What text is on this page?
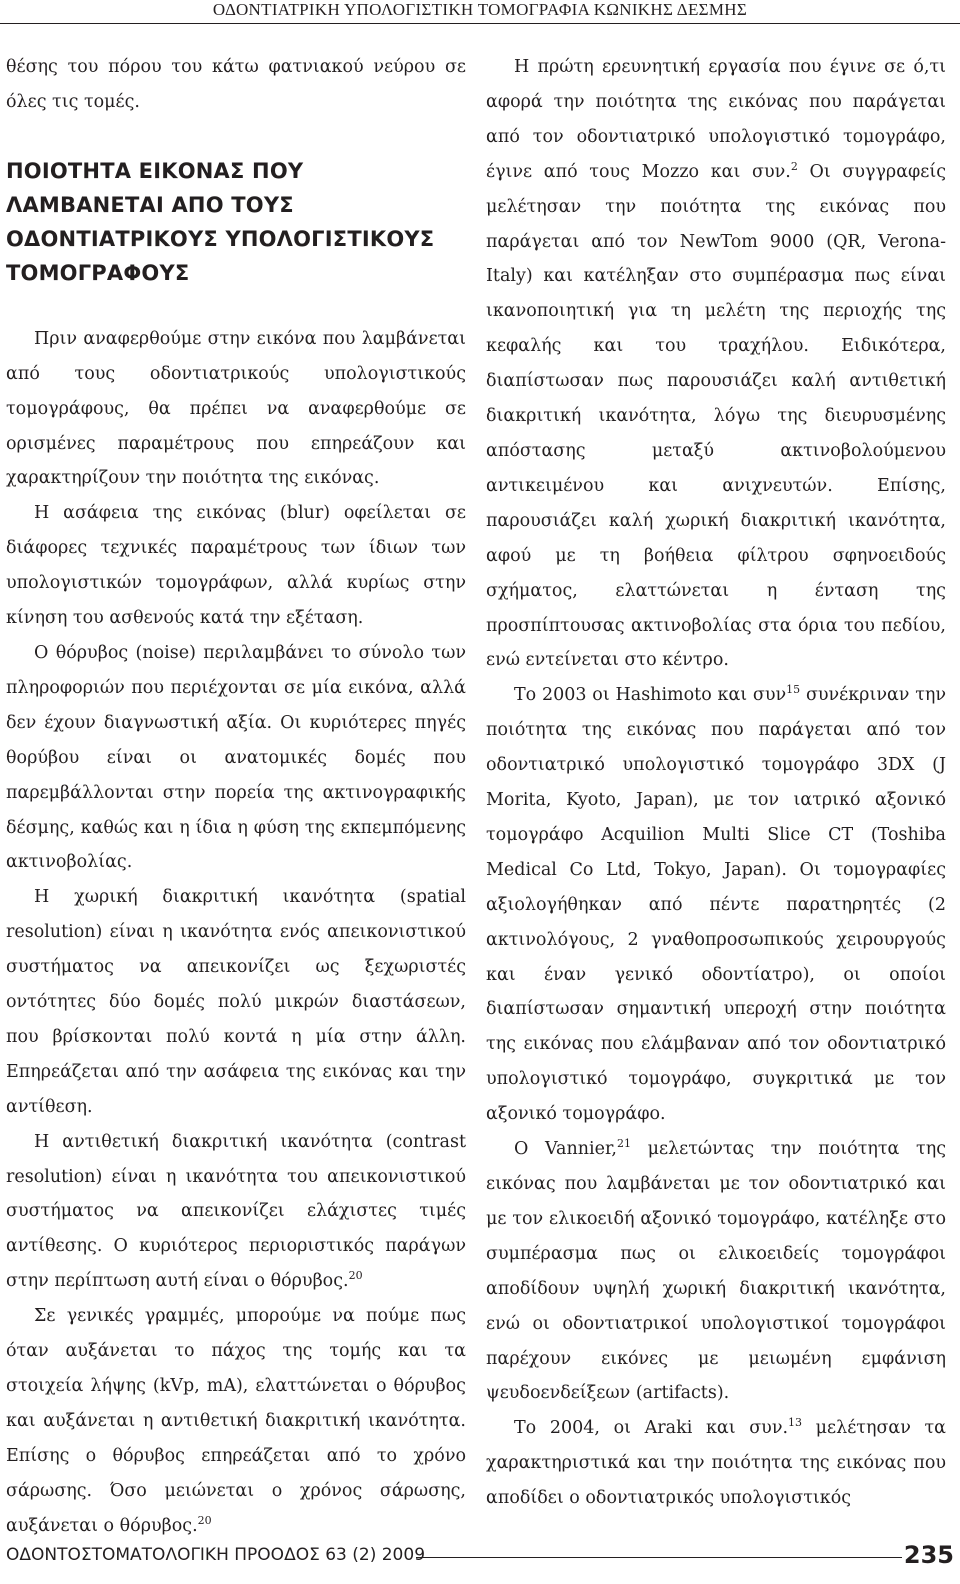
ΟΔΟΝΤΙΑΤΡΙΚΗ ΥΠΟΛΟΓΙΣΤΙΚΗ ΤΟΜΟΓΡΑΦΙΑ ΚΩΝΙΚΗΣ ΔΕΣΜΗΣ

θέσης του πόρου του κάτω φατνιακού νεύρου σε όλες τις τομές.

ΠΟΙΟΤΗΤΑ ΕΙΚΟΝΑΣ ΠΟΥ ΛΑΜΒΑΝΕΤΑΙ ΑΠΟ ΤΟΥΣ ΟΔΟΝΤΙΑΤΡΙΚΟΥΣ ΥΠΟΛΟΓΙΣΤΙΚΟΥΣ ΤΟΜΟΓΡΑΦΟΥΣ

Πριν αναφερθούμε στην εικόνα που λαμβάνεται από τους οδοντιατρικούς υπολογιστικούς τομογράφους, θα πρέπει να αναφερθούμε σε ορισμένες παραμέτρους που επηρεάζουν και χαρακτηρίζουν την ποιότητα της εικόνας.

Η ασάφεια της εικόνας (blur) οφείλεται σε διάφορες τεχνικές παραμέτρους των ίδιων των υπολογιστικών τομογράφων, αλλά κυρίως στην κίνηση του ασθενούς κατά την εξέταση.

Ο θόρυβος (noise) περιλαμβάνει το σύνολο των πληροφοριών που περιέχονται σε μία εικόνα, αλλά δεν έχουν διαγνωστική αξία. Οι κυριότερες πηγές θορύβου είναι οι ανατομικές δομές που παρεμβάλλονται στην πορεία της ακτινογραφικής δέσμης, καθώς και η ίδια η φύση της εκπεμπόμενης ακτινοβολίας.

Η χωρική διακριτική ικανότητα (spatial resolution) είναι η ικανότητα ενός απεικονιστικού συστήματος να απεικονίζει ως ξεχωριστές οντότητες δύο δομές πολύ μικρών διαστάσεων, που βρίσκονται πολύ κοντά η μία στην άλλη. Επηρεάζεται από την ασάφεια της εικόνας και την αντίθεση.

Η αντιθετική διακριτική ικανότητα (contrast resolution) είναι η ικανότητα του απεικονιστικού συστήματος να απεικονίζει ελάχιστες τιμές αντίθεσης. Ο κυριότερος περιοριστικός παράγων στην περίπτωση αυτή είναι ο θόρυβος.$^{20}$

Σε γενικές γραμμές, μπορούμε να πούμε πως όταν αυξάνεται το πάχος της τομής και τα στοιχεία λήψης (kVp, mA), ελαττώνεται ο θόρυβος και αυξάνεται η αντιθετική διακριτική ικανότητα. Επίσης ο θόρυβος επηρεάζεται από το χρόνο σάρωσης. Όσο μειώνεται ο χρόνος σάρωσης, αυξάνεται ο θόρυβος.$^{20}$

Η πρώτη ερευνητική εργασία που έγινε σε ό,τι αφορά την ποιότητα της εικόνας που παράγεται από τον οδοντιατρικό υπολογιστικό τομογράφο, έγινε από τους Mozzo και συν.$^2$ Οι συγγραφείς μελέτησαν την ποιότητα της εικόνας που παράγεται από τον NewTom 9000 (QR, Verona-Italy) και κατέληξαν στο συμπέρασμα πως είναι ικανοποιητική για τη μελέτη της περιοχής της κεφαλής και του τραχήλου. Ειδικότερα, διαπίστωσαν πως παρουσιάζει καλή αντιθετική διακριτική ικανότητα, λόγω της διευρυσμένης απόστασης μεταξύ ακτινοβολούμενου αντικειμένου και ανιχνευτών. Επίσης, παρουσιάζει καλή χωρική διακριτική ικανότητα, αφού με τη βοήθεια φίλτρου σφηνοειδούς σχήματος, ελαττώνεται η ένταση της προσπίπτουσας ακτινοβολίας στα όρια του πεδίου, ενώ εντείνεται στο κέντρο.

Το 2003 οι Hashimoto και συν$^{15}$ συνέκριναν την ποιότητα της εικόνας που παράγεται από τον οδοντιατρικό υπολογιστικό τομογράφο 3DX (J Morita, Kyoto, Japan), με τον ιατρικό αξονικό τομογράφο Acquilion Multi Slice CT (Toshiba Medical Co Ltd, Tokyo, Japan). Οι τομογραφίες αξιολογήθηκαν από πέντε παρατηρητές (2 ακτινολόγους, 2 γναθοπροσωπικούς χειρουργούς και έναν γενικό οδοντίατρο), οι οποίοι διαπίστωσαν σημαντική υπεροχή στην ποιότητα της εικόνας που ελάμβαναν από τον οδοντιατρικό υπολογιστικό τομογράφο, συγκριτικά με τον αξονικό τομογράφο.

Ο Vannier,$^{21}$ μελετώντας την ποιότητα της εικόνας που λαμβάνεται με τον οδοντιατρικό και με τον ελικοειδή αξονικό τομογράφο, κατέληξε στο συμπέρασμα πως οι ελικοειδείς τομογράφοι αποδίδουν υψηλή χωρική διακριτική ικανότητα, ενώ οι οδοντιατρικοί υπολογιστικοί τομογράφοι παρέχουν εικόνες με μειωμένη εμφάνιση ψευδοενδείξεων (artifacts).

Το 2004, οι Araki και συν.$^{13}$ μελέτησαν τα χαρακτηριστικά και την ποιότητα της εικόνας που αποδίδει ο οδοντιατρικός υπολογιστικός

ΟΔΟΝΤΟΣΤΟΜΑΤΟΛΟΓΙΚΗ ΠΡΟΟΔΟΣ 63 (2) 2009	235
